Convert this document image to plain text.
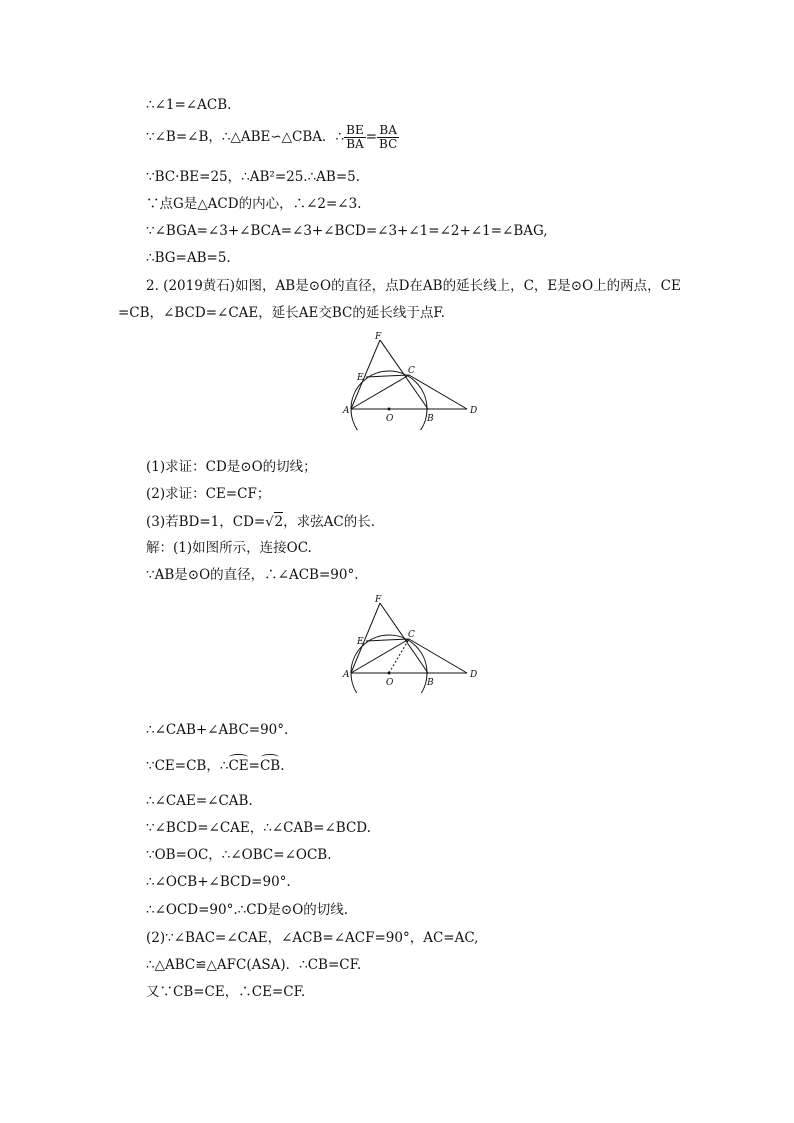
∴∠1=∠ACB.
∵∠B=∠B，∴△ABE∽△CBA．∴ $\frac{BE}{BA} = \frac{BA}{BC}$
∵BC·BE=25，∴AB²=25.∴AB=5.
∵点G是△ACD的内心，∴∠2=∠3.
∵∠BGA=∠3+∠BCA=∠3+∠BCD=∠3+∠1=∠2+∠1=∠BAG,
∴BG=AB=5.
2. (2019黄石)如图，AB是⊙O的直径，点D在AB的延长线上，C，E是⊙O上的两点，CE
=CB，∠BCD=∠CAE，延长AE交BC的延长线于点F.
F
E
C
A
O	B
D
(1)求证：CD是⊙O的切线；
(2)求证：CE=CF；
(3)若BD=1，CD=√2，求弦AC的长．
解：(1)如图所示，连接OC.
∵AB是⊙O的直径，∴∠ACB=90°.
F
E
C
A
O	B
D
∴∠CAB+∠ABC=90°.
∵CE=CB，∴CE=CB.
∴∠CAE=∠CAB.
∵∠BCD=∠CAE，∴∠CAB=∠BCD.
∵OB=OC，∴∠OBC=∠OCB.
∴∠OCB+∠BCD=90°.
∴∠OCD=90°.∴CD是⊙O的切线.
(2)∵∠BAC=∠CAE，∠ACB=∠ACF=90°，AC=AC,
∴△ABC≌△AFC(ASA)．∴CB=CF.
又∵CB=CE，∴CE=CF.
